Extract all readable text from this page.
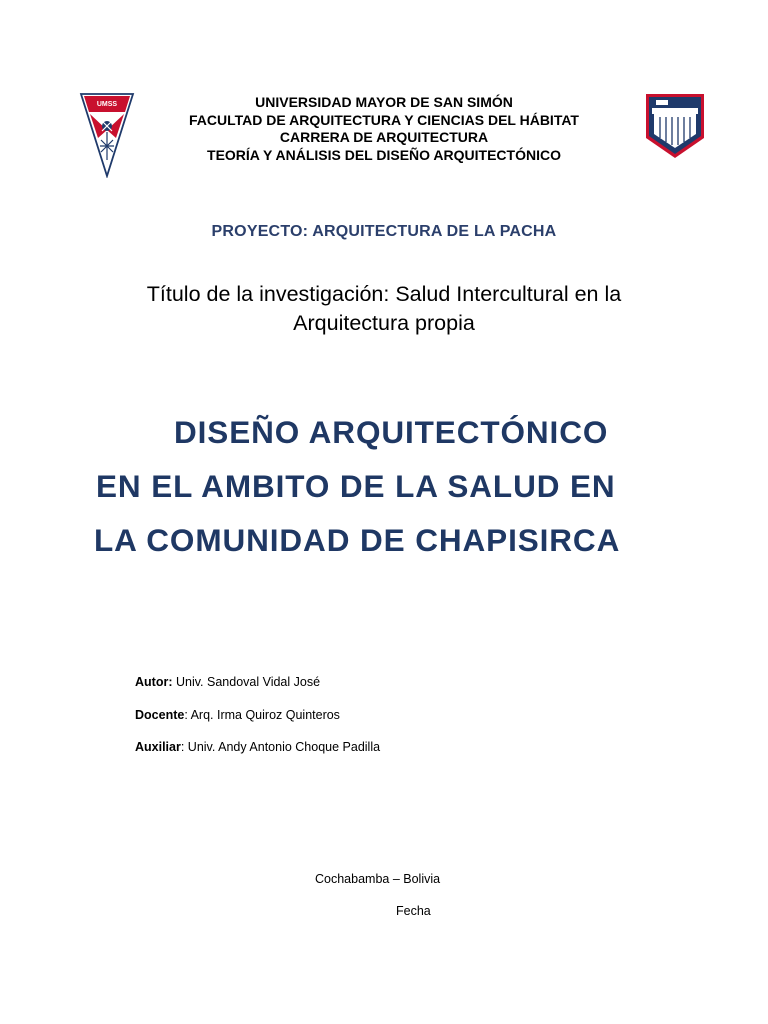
UMSS	UNIVERSIDAD MAYOR DE SAN SIMÓN
FACULTAD DE ARQUITECTURA Y CIENCIAS DEL HÁBITAT
CARRERA DE ARQUITECTURA
TEORÍA Y ANÁLISIS DEL DISEÑO ARQUITECTÓNICO
PROYECTO: ARQUITECTURA DE LA PACHA
Título de la investigación: Salud Intercultural en la
Arquitectura propia
DISEÑO ARQUITECTÓNICO
EN EL AMBITO DE LA SALUD EN
LA COMUNIDAD DE CHAPISIRCA
Autor: Univ. Sandoval Vidal José
Docente: Arq. Irma Quiroz Quinteros
Auxiliar: Univ. Andy Antonio Choque Padilla
Cochabamba – Bolivia
Fecha
